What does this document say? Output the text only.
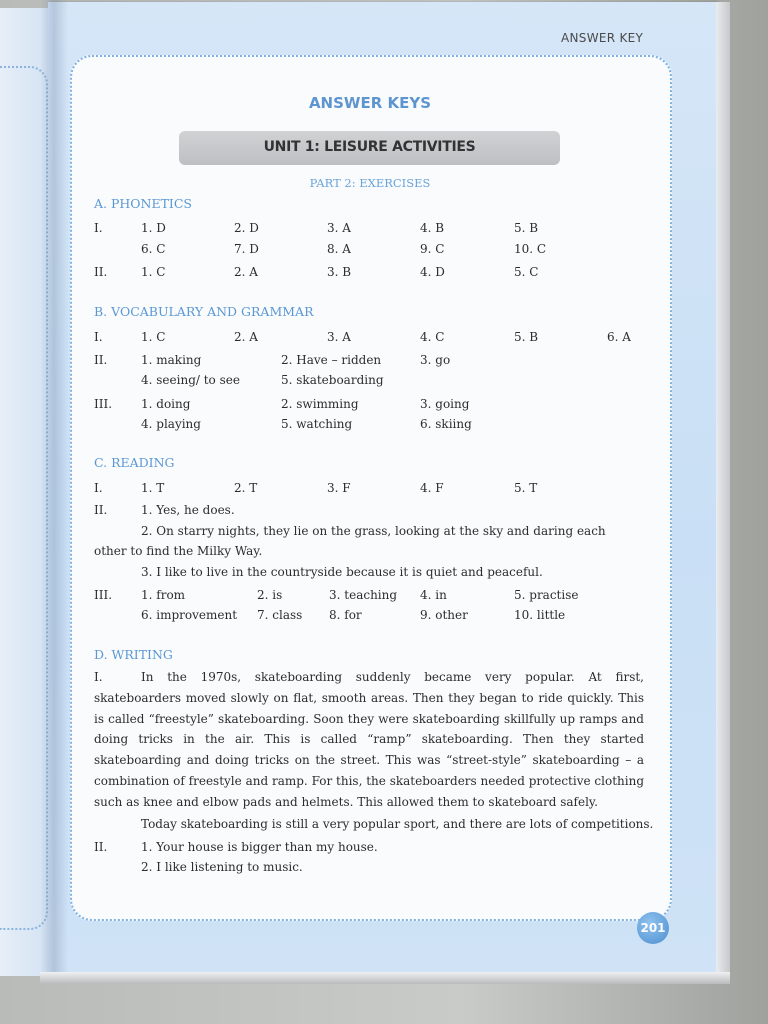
ANSWER KEY
ANSWER KEYS
UNIT 1: LEISURE ACTIVITIES
PART 2: EXERCISES
A. PHONETICS
I.	1. D	2. D	3. A	4. B	5. B
6. C	7. D	8. A	9. C	10. C
II.	1. C	2. A	3. B	4. D	5. C
B. VOCABULARY AND GRAMMAR
I.	1. C	2. A	3. A	4. C	5. B	6. A
II.	1. making	2. Have – ridden	3. go
4. seeing/ to see	5. skateboarding
III. 1. doing	2. swimming	3. going
4. playing	5. watching	6. skiing
C. READING
I.	1. T	2. T	3. F	4. F	5. T
II.	1. Yes, he does.
2. On starry nights, they lie on the grass, looking at the sky and daring each
other to find the Milky Way.
3. I like to live in the countryside because it is quiet and peaceful.
III. 1. from	2. is	3. teaching 4. in	5. practise
6. improvement 7. class 8. for	9. other	10. little
D. WRITING
I.	In the 1970s, skateboarding suddenly became very popular. At first, skateboarders moved slowly on flat, smooth areas. Then they began to ride quickly. This is called “freestyle” skateboarding. Soon they were skateboarding skillfully up ramps and doing tricks in the air. This is called “ramp” skateboarding. Then they started skateboarding and doing tricks on the street. This was “street-style” skateboarding – a combination of freestyle and ramp. For this, the skateboarders needed protective clothing such as knee and elbow pads and helmets. This allowed them to skateboard safely.
Today skateboarding is still a very popular sport, and there are lots of competitions.
II.	1. Your house is bigger than my house.
2. I like listening to music.
201
